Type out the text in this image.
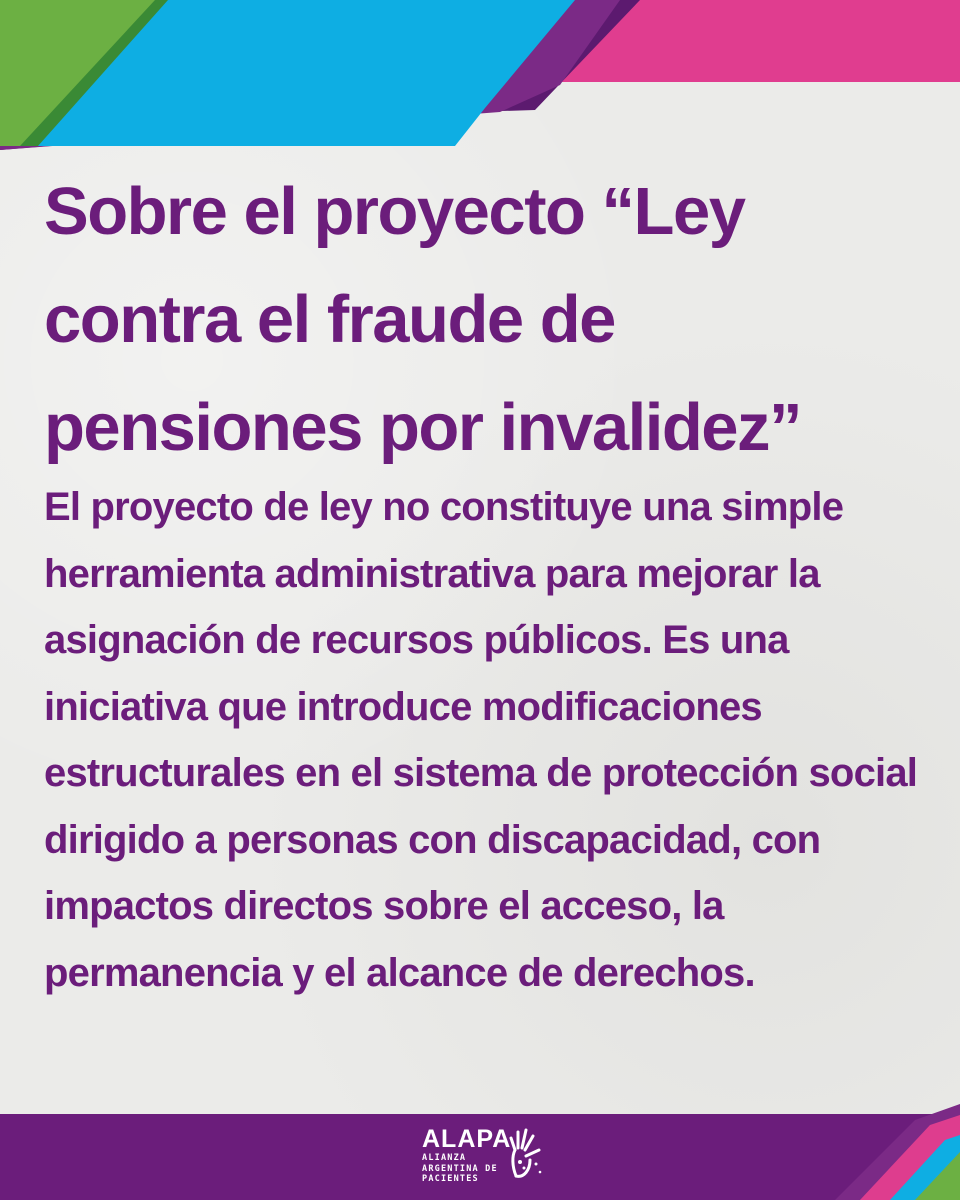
Sobre el proyecto “Ley contra el fraude de pensiones por invalidez”

El proyecto de ley no constituye una simple herramienta administrativa para mejorar la asignación de recursos públicos. Es una iniciativa que introduce modificaciones estructurales en el sistema de protección social dirigido a personas con discapacidad, con impactos directos sobre el acceso, la permanencia y el alcance de derechos.

ALAPA
ALIANZA ARGENTINA DE PACIENTES
